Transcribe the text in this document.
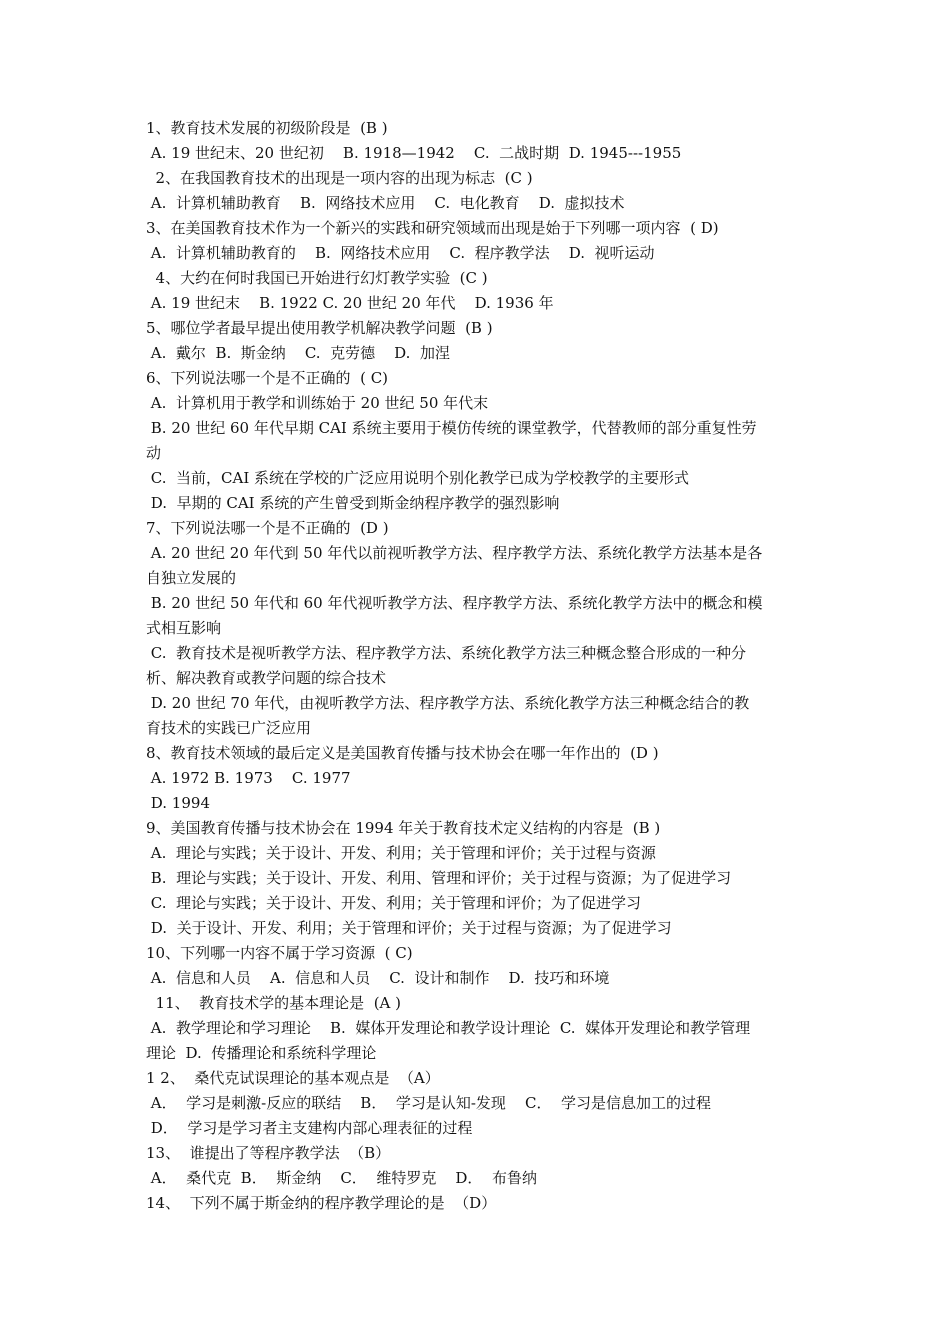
1、教育技术发展的初级阶段是  (B )
A. 19 世纪末、20 世纪初    B. 1918—1942    C.  二战时期  D. 1945---1955
2、在我国教育技术的出现是一项内容的出现为标志  (C )
A.  计算机辅助教育    B.  网络技术应用    C.  电化教育    D.  虚拟技术
3、在美国教育技术作为一个新兴的实践和研究领域而出现是始于下列哪一项内容  ( D)
A.  计算机辅助教育的    B.  网络技术应用    C.  程序教学法    D.  视听运动
4、大约在何时我国已开始进行幻灯教学实验  (C )
A. 19 世纪末    B. 1922 C. 20 世纪 20 年代    D. 1936 年
5、哪位学者最早提出使用教学机解决教学问题  (B )
A.  戴尔  B.  斯金纳    C.  克劳德    D.  加涅
6、下列说法哪一个是不正确的  ( C)
A.  计算机用于教学和训练始于 20 世纪 50 年代末
B. 20 世纪 60 年代早期 CAI 系统主要用于模仿传统的课堂教学，代替教师的部分重复性劳
动
C.  当前，CAI 系统在学校的广泛应用说明个别化教学已成为学校教学的主要形式
D.  早期的 CAI 系统的产生曾受到斯金纳程序教学的强烈影响
7、下列说法哪一个是不正确的  (D )
A. 20 世纪 20 年代到 50 年代以前视听教学方法、程序教学方法、系统化教学方法基本是各
自独立发展的
B. 20 世纪 50 年代和 60 年代视听教学方法、程序教学方法、系统化教学方法中的概念和模
式相互影响
C.  教育技术是视听教学方法、程序教学方法、系统化教学方法三种概念整合形成的一种分
析、解决教育或教学问题的综合技术
D. 20 世纪 70 年代，由视听教学方法、程序教学方法、系统化教学方法三种概念结合的教
育技术的实践已广泛应用
8、教育技术领域的最后定义是美国教育传播与技术协会在哪一年作出的  (D )
A. 1972 B. 1973    C. 1977
D. 1994
9、美国教育传播与技术协会在 1994 年关于教育技术定义结构的内容是  (B )
A.  理论与实践；关于设计、开发、利用；关于管理和评价；关于过程与资源
B.  理论与实践；关于设计、开发、利用、管理和评价；关于过程与资源；为了促进学习
C.  理论与实践；关于设计、开发、利用；关于管理和评价；为了促进学习
D.  关于设计、开发、利用；关于管理和评价；关于过程与资源；为了促进学习
10、下列哪一内容不属于学习资源  ( C)
A.  信息和人员    A.  信息和人员    C.  设计和制作    D.  技巧和环境
11、  教育技术学的基本理论是  (A )
A.  教学理论和学习理论    B.  媒体开发理论和教学设计理论  C.  媒体开发理论和教学管理
理论  D.  传播理论和系统科学理论
1 2、  桑代克试误理论的基本观点是  （A）
A．  学习是刺激-反应的联结    B．  学习是认知-发现    C．  学习是信息加工的过程
D．  学习是学习者主支建构内部心理表征的过程
13、  谁提出了等程序教学法  （B）
A．  桑代克  B．  斯金纳    C．  维特罗克    D．  布鲁纳
14、  下列不属于斯金纳的程序教学理论的是  （D）
